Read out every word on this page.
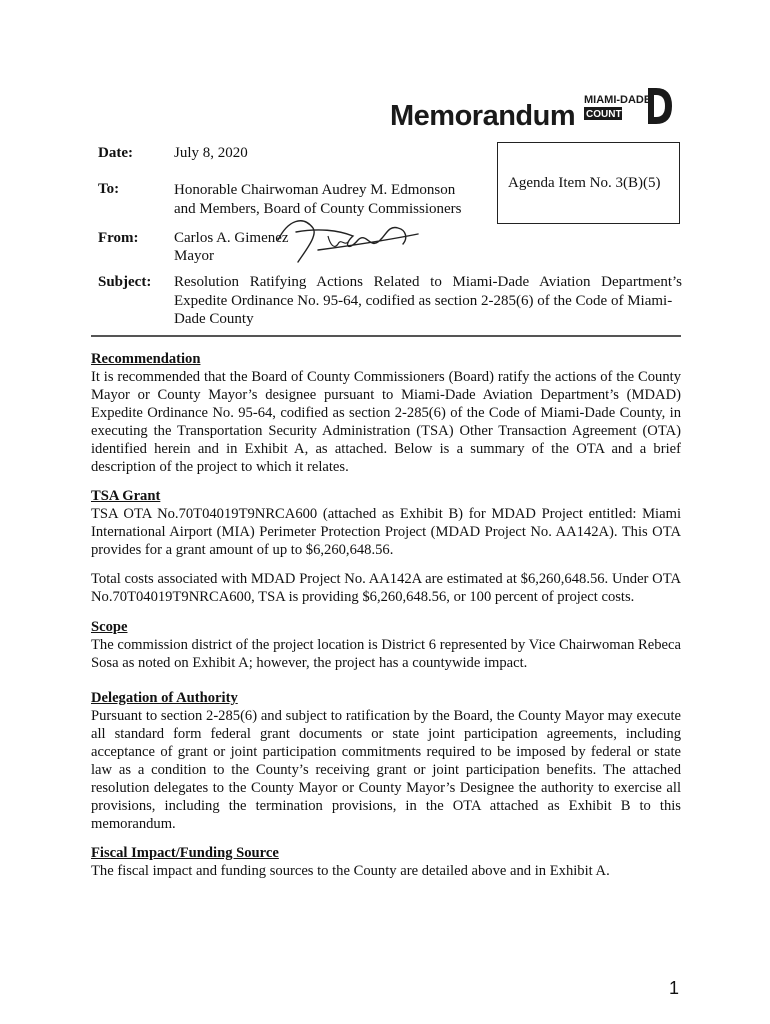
Memorandum MIAMI-DADE
COUNTY
Date:	July 8, 2020
To:	Honorable Chairwoman Audrey M. Edmonson
and Members, Board of County Commissioners
From: Carlos A. Gimenez
Mayor
Subject: Resolution Ratifying Actions Related to Miami-Dade Aviation Department’s
Expedite Ordinance No. 95-64, codified as section 2-285(6) of the Code of Miami-
Dade County
Agenda Item No. 3(B)(5)
Recommendation

It is recommended that the Board of County Commissioners (Board) ratify the actions of the County Mayor or County Mayor’s designee pursuant to Miami-Dade Aviation Department’s (MDAD) Expedite Ordinance No. 95-64, codified as section 2-285(6) of the Code of Miami-Dade County, in executing the Transportation Security Administration (TSA) Other Transaction Agreement (OTA) identified herein and in Exhibit A, as attached. Below is a summary of the OTA and a brief description of the project to which it relates.

TSA Grant

TSA OTA No.70T04019T9NRCA600 (attached as Exhibit B) for MDAD Project entitled: Miami International Airport (MIA) Perimeter Protection Project (MDAD Project No. AA142A). This OTA provides for a grant amount of up to $6,260,648.56.

Total costs associated with MDAD Project No. AA142A are estimated at $6,260,648.56. Under OTA No.70T04019T9NRCA600, TSA is providing $6,260,648.56, or 100 percent of project costs.

Scope

The commission district of the project location is District 6 represented by Vice Chairwoman Rebeca Sosa as noted on Exhibit A; however, the project has a countywide impact.

Delegation of Authority

Pursuant to section 2-285(6) and subject to ratification by the Board, the County Mayor may execute all standard form federal grant documents or state joint participation agreements, including acceptance of grant or joint participation commitments required to be imposed by federal or state law as a condition to the County’s receiving grant or joint participation benefits. The attached resolution delegates to the County Mayor or County Mayor’s Designee the authority to exercise all provisions, including the termination provisions, in the OTA attached as Exhibit B to this memorandum.

Fiscal Impact/Funding Source

The fiscal impact and funding sources to the County are detailed above and in Exhibit A.

1
